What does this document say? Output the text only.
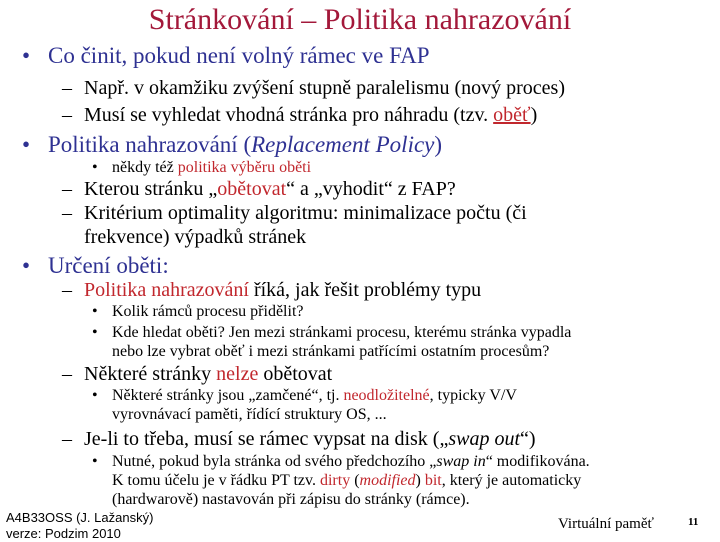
Stránkování – Politika nahrazování
• Co činit, pokud není volný rámec ve FAP
– Např. v okamžiku zvýšení stupně paralelismu (nový proces)
– Musí se vyhledat vhodná stránka pro náhradu (tzv. oběť)
• Politika nahrazování (Replacement Policy)
• někdy též politika výběru oběti
– Kterou stránku „obětovat“ a „vyhodit“ z FAP?
– Kritérium optimality algoritmu: minimalizace počtu (či
frekvence) výpadků stránek
• Určení oběti:
– Politika nahrazování říká, jak řešit problémy typu
• Kolik rámců procesu přidělit?
• Kde hledat oběti? Jen mezi stránkami procesu, kterému stránka vypadla
nebo lze vybrat oběť i mezi stránkami patřícími ostatním procesům?
– Některé stránky nelze obětovat
• Některé stránky jsou „zamčené“, tj. neodložitelné, typicky V/V
vyrovnávací paměti, řídící struktury OS, ...
– Je-li to třeba, musí se rámec vypsat na disk („swap out“)
• Nutné, pokud byla stránka od svého předchozího „swap in“ modifikována.
K tomu účelu je v řádku PT tzv. dirty (modified) bit, který je automaticky
(hardwarově) nastavován při zápisu do stránky (rámce).
A4B33OSS (J. Lažanský)
verze: Podzim 2010
Virtuální paměť	11
